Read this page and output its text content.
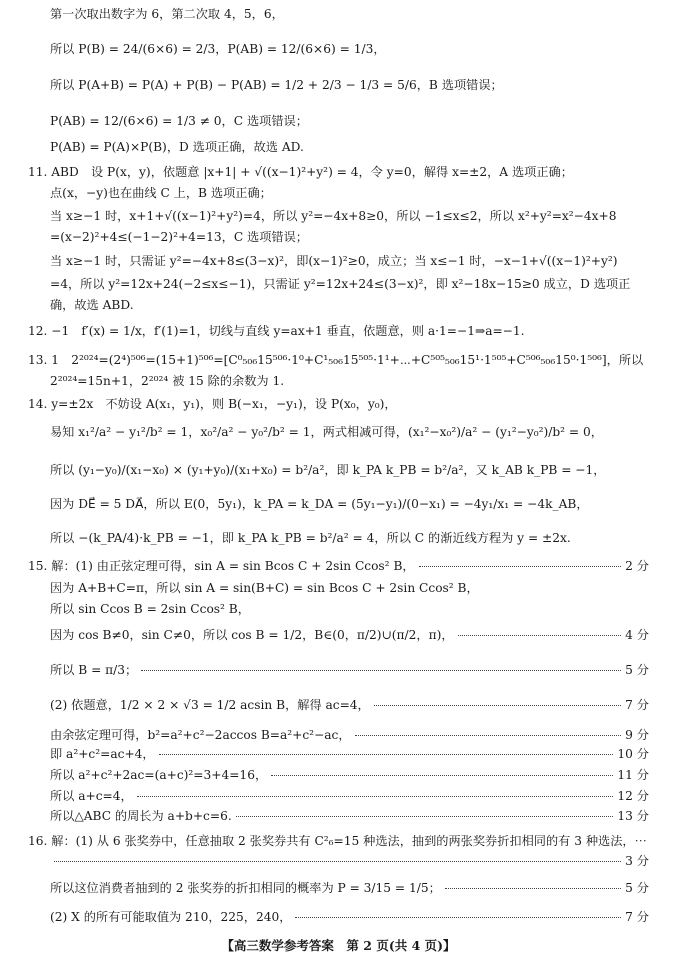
第一次取出数字为 6，第二次取 4，5，6，
所以 P(B) = 24/(6×6) = 2/3，P(AB) = 12/(6×6) = 1/3，
所以 P(A+B) = P(A) + P(B) − P(AB) = 1/2 + 2/3 − 1/3 = 5/6，B 选项错误；
P(AB) = 12/(6×6) = 1/3 ≠ 0，C 选项错误；
P(AB) = P(A)×P(B)，D 选项正确，故选 AD.
11. ABD　设 P(x，y)，依题意 |x+1| + √((x−1)²+y²) = 4，令 y=0，解得 x=±2，A 选项正确；
点(x，−y)也在曲线 C 上，B 选项正确；
当 x≥−1 时，x+1+√((x−1)²+y²)=4，所以 y²=−4x+8≥0，所以 −1≤x≤2，所以 x²+y²=x²−4x+8
=(x−2)²+4≤(−1−2)²+4=13，C 选项错误；
当 x≥−1 时，只需证 y²=−4x+8≤(3−x)²，即(x−1)²≥0，成立；当 x≤−1 时，−x−1+√((x−1)²+y²)
=4，所以 y²=12x+24(−2≤x≤−1)，只需证 y²=12x+24≤(3−x)²，即 x²−18x−15≥0 成立，D 选项正
确，故选 ABD.
12. −1　f′(x) = 1/x，f′(1)=1，切线与直线 y=ax+1 垂直，依题意，则 a·1=−1⇒a=−1.
13. 1　2²⁰²⁴=(2⁴)⁵⁰⁶=(15+1)⁵⁰⁶=[C⁰₅₀₆15⁵⁰⁶·1⁰+C¹₅₀₆15⁵⁰⁵·1¹+⋯+C⁵⁰⁵₅₀₆15¹·1⁵⁰⁵+C⁵⁰⁶₅₀₆15⁰·1⁵⁰⁶]，所以
2²⁰²⁴=15n+1，2²⁰²⁴ 被 15 除的余数为 1.
14. y=±2x　不妨设 A(x₁，y₁)，则 B(−x₁，−y₁)，设 P(x₀，y₀)，
易知 x₁²/a² − y₁²/b² = 1，x₀²/a² − y₀²/b² = 1，两式相减可得，(x₁²−x₀²)/a² − (y₁²−y₀²)/b² = 0，
所以 (y₁−y₀)/(x₁−x₀) × (y₁+y₀)/(x₁+x₀) = b²/a²，即 k_PA k_PB = b²/a²，又 k_AB k_PB = −1，
因为 DE⃗ = 5 DA⃗，所以 E(0，5y₁)，k_PA = k_DA = (5y₁−y₁)/(0−x₁) = −4y₁/x₁ = −4k_AB，
所以 −(k_PA/4)·k_PB = −1，即 k_PA k_PB = b²/a² = 4，所以 C 的渐近线方程为 y = ±2x.
15. 解：(1) 由正弦定理可得，sin A = sin Bcos C + 2sin Ccos² B，	2 分
因为 A+B+C=π，所以 sin A = sin(B+C) = sin Bcos C + 2sin Ccos² B，
所以 sin Ccos B = 2sin Ccos² B，
因为 cos B≠0，sin C≠0，所以 cos B = 1/2，B∈(0，π/2)∪(π/2，π)，	4 分
所以 B = π/3；	5 分
(2) 依题意，1/2 × 2 × √3 = 1/2 acsin B，解得 ac=4，	7 分
由余弦定理可得，b²=a²+c²−2accos B=a²+c²−ac，	9 分
即 a²+c²=ac+4，	10 分
所以 a²+c²+2ac=(a+c)²=3+4=16，	11 分
所以 a+c=4，	12 分
所以△ABC 的周长为 a+b+c=6.	13 分
16. 解：(1) 从 6 张奖券中，任意抽取 2 张奖券共有 C²₆=15 种选法，抽到的两张奖券折扣相同的有 3 种选法，⋯
3 分
所以这位消费者抽到的 2 张奖券的折扣相同的概率为 P = 3/15 = 1/5；	5 分
(2) X 的所有可能取值为 210，225，240，	7 分
【高三数学参考答案　第 2 页(共 4 页)】
